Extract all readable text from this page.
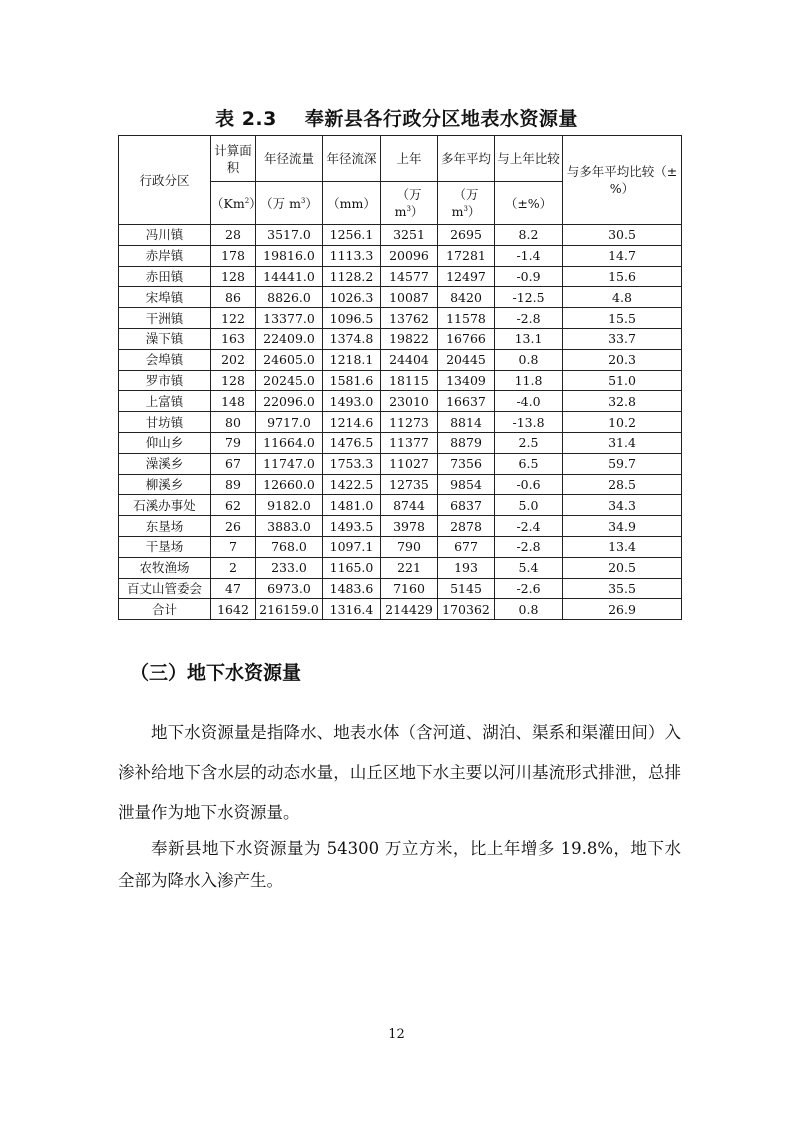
表 2.3 奉新县各行政分区地表水资源量
行政分区	计算面积	年径流量	年径流深	上年	多年平均	与上年比较	与多年平均比较（±%）
	（Km$^2$）	（万 $m^3$）	（mm）	（万 $m^3$）	（万 $m^3$）	（±%）	
冯川镇	28	3517.0	1256.1	3251	2695	8.2	30.5
赤岸镇	178	19816.0	1113.3	20096	17281	-1.4	14.7
赤田镇	128	14441.0	1128.2	14577	12497	-0.9	15.6
宋埠镇	86	8826.0	1026.3	10087	8420	-12.5	4.8
干洲镇	122	13377.0	1096.5	13762	11578	-2.8	15.5
澡下镇	163	22409.0	1374.8	19822	16766	13.1	33.7
会埠镇	202	24605.0	1218.1	24404	20445	0.8	20.3
罗市镇	128	20245.0	1581.6	18115	13409	11.8	51.0
上富镇	148	22096.0	1493.0	23010	16637	-4.0	32.8
甘坊镇	80	9717.0	1214.6	11273	8814	-13.8	10.2
仰山乡	79	11664.0	1476.5	11377	8879	2.5	31.4
澡溪乡	67	11747.0	1753.3	11027	7356	6.5	59.7
柳溪乡	89	12660.0	1422.5	12735	9854	-0.6	28.5
石溪办事处	62	9182.0	1481.0	8744	6837	5.0	34.3
东垦场	26	3883.0	1493.5	3978	2878	-2.4	34.9
干垦场	7	768.0	1097.1	790	677	-2.8	13.4
农牧渔场	2	233.0	1165.0	221	193	5.4	20.5
百丈山管委会	47	6973.0	1483.6	7160	5145	-2.6	35.5
合计	1642	216159.0	1316.4	214429	170362	0.8	26.9
（三）地下水资源量

地下水资源量是指降水、地表水体（含河道、湖泊、渠系和渠灌田间）入渗补给地下含水层的动态水量，山丘区地下水主要以河川基流形式排泄，总排泄量作为地下水资源量。

奉新县地下水资源量为 54300 万立方米，比上年增多 19.8%，地下水全部为降水入渗产生。

12
